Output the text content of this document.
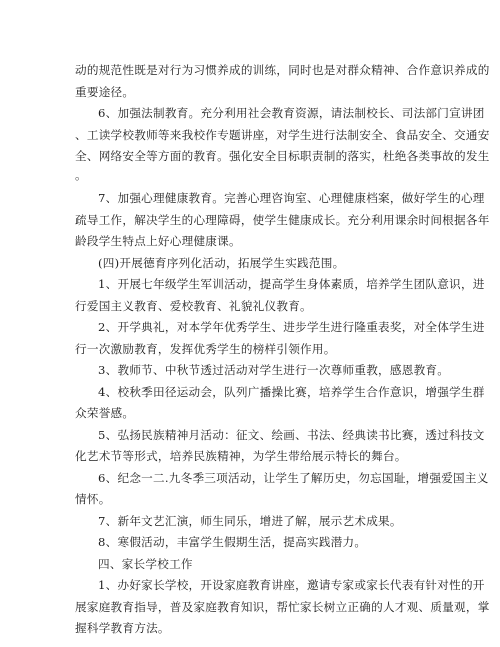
动的规范性既是对行为习惯养成的训练，同时也是对群众精神、合作意识养成的
重要途径。
6、加强法制教育。充分利用社会教育资源，请法制校长、司法部门宣讲团
、工读学校教师等来我校作专题讲座，对学生进行法制安全、食品安全、交通安
全、网络安全等方面的教育。强化安全目标职责制的落实，杜绝各类事故的发生
。
7、加强心理健康教育。完善心理咨询室、心理健康档案，做好学生的心理
疏导工作，解决学生的心理障碍，使学生健康成长。充分利用课余时间根据各年
龄段学生特点上好心理健康课。
(四)开展德育序列化活动，拓展学生实践范围。
1、开展七年级学生军训活动，提高学生身体素质，培养学生团队意识，进
行爱国主义教育、爱校教育、礼貌礼仪教育。
2、开学典礼，对本学年优秀学生、进步学生进行隆重表奖，对全体学生进
行一次激励教育，发挥优秀学生的榜样引领作用。
3、教师节、中秋节透过活动对学生进行一次尊师重教，感恩教育。
4、校秋季田径运动会，队列广播操比赛，培养学生合作意识，增强学生群
众荣誉感。
5、弘扬民族精神月活动：征文、绘画、书法、经典读书比赛，透过科技文
化艺术节等形式，培养民族精神，为学生带给展示特长的舞台。
6、纪念一二.九冬季三项活动，让学生了解历史，勿忘国耻，增强爱国主义
情怀。
7、新年文艺汇演，师生同乐，增进了解，展示艺术成果。
8、寒假活动，丰富学生假期生活，提高实践潜力。
四、家长学校工作
1、办好家长学校，开设家庭教育讲座，邀请专家或家长代表有针对性的开
展家庭教育指导，普及家庭教育知识，帮忙家长树立正确的人才观、质量观，掌
握科学教育方法。
